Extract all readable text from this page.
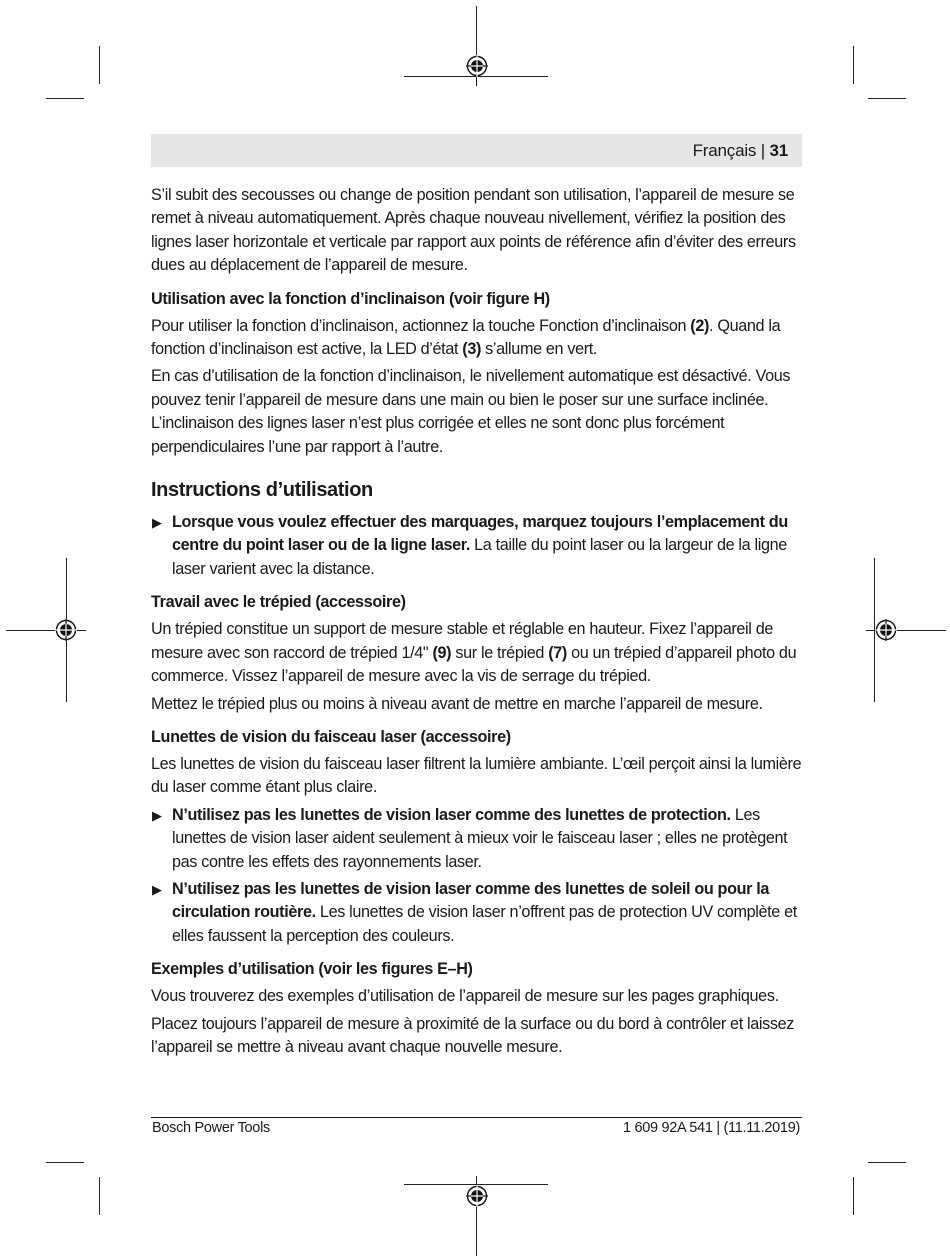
Français | 31

S’il subit des secousses ou change de position pendant son utilisation, l’appareil de mesure se remet à niveau automatiquement. Après chaque nouveau nivellement, vérifiez la position des lignes laser horizontale et verticale par rapport aux points de référence afin d’éviter des erreurs dues au déplacement de l’appareil de mesure.

Utilisation avec la fonction d’inclinaison (voir figure H)

Pour utiliser la fonction d’inclinaison, actionnez la touche Fonction d’inclinaison (2). Quand la fonction d’inclinaison est active, la LED d’état (3) s’allume en vert.

En cas d’utilisation de la fonction d’inclinaison, le nivellement automatique est désactivé. Vous pouvez tenir l’appareil de mesure dans une main ou bien le poser sur une surface inclinée. L’inclinaison des lignes laser n’est plus corrigée et elles ne sont donc plus forcément perpendiculaires l’une par rapport à l’autre.

Instructions d’utilisation
▶ Lorsque vous voulez effectuer des marquages, marquez toujours l’emplacement du centre du point laser ou de la ligne laser. La taille du point laser ou la largeur de la ligne laser varient avec la distance.
Travail avec le trépied (accessoire)

Un trépied constitue un support de mesure stable et réglable en hauteur. Fixez l’appareil de mesure avec son raccord de trépied 1/4" (9) sur le trépied (7) ou un trépied d’appareil photo du commerce. Vissez l’appareil de mesure avec la vis de serrage du trépied.

Mettez le trépied plus ou moins à niveau avant de mettre en marche l’appareil de mesure.

Lunettes de vision du faisceau laser (accessoire)

Les lunettes de vision du faisceau laser filtrent la lumière ambiante. L’œil perçoit ainsi la lumière du laser comme étant plus claire.

▶ N’utilisez pas les lunettes de vision laser comme des lunettes de protection. Les lunettes de vision laser aident seulement à mieux voir le faisceau laser ; elles ne protègent pas contre les effets des rayonnements laser.
▶ N’utilisez pas les lunettes de vision laser comme des lunettes de soleil ou pour la circulation routière. Les lunettes de vision laser n’offrent pas de protection UV complète et elles faussent la perception des couleurs.
Exemples d’utilisation (voir les figures E–H)

Vous trouverez des exemples d’utilisation de l’appareil de mesure sur les pages graphiques.

Placez toujours l’appareil de mesure à proximité de la surface ou du bord à contrôler et laissez l’appareil se mettre à niveau avant chaque nouvelle mesure.

Bosch Power Tools	1 609 92A 541 | (11.11.2019)
